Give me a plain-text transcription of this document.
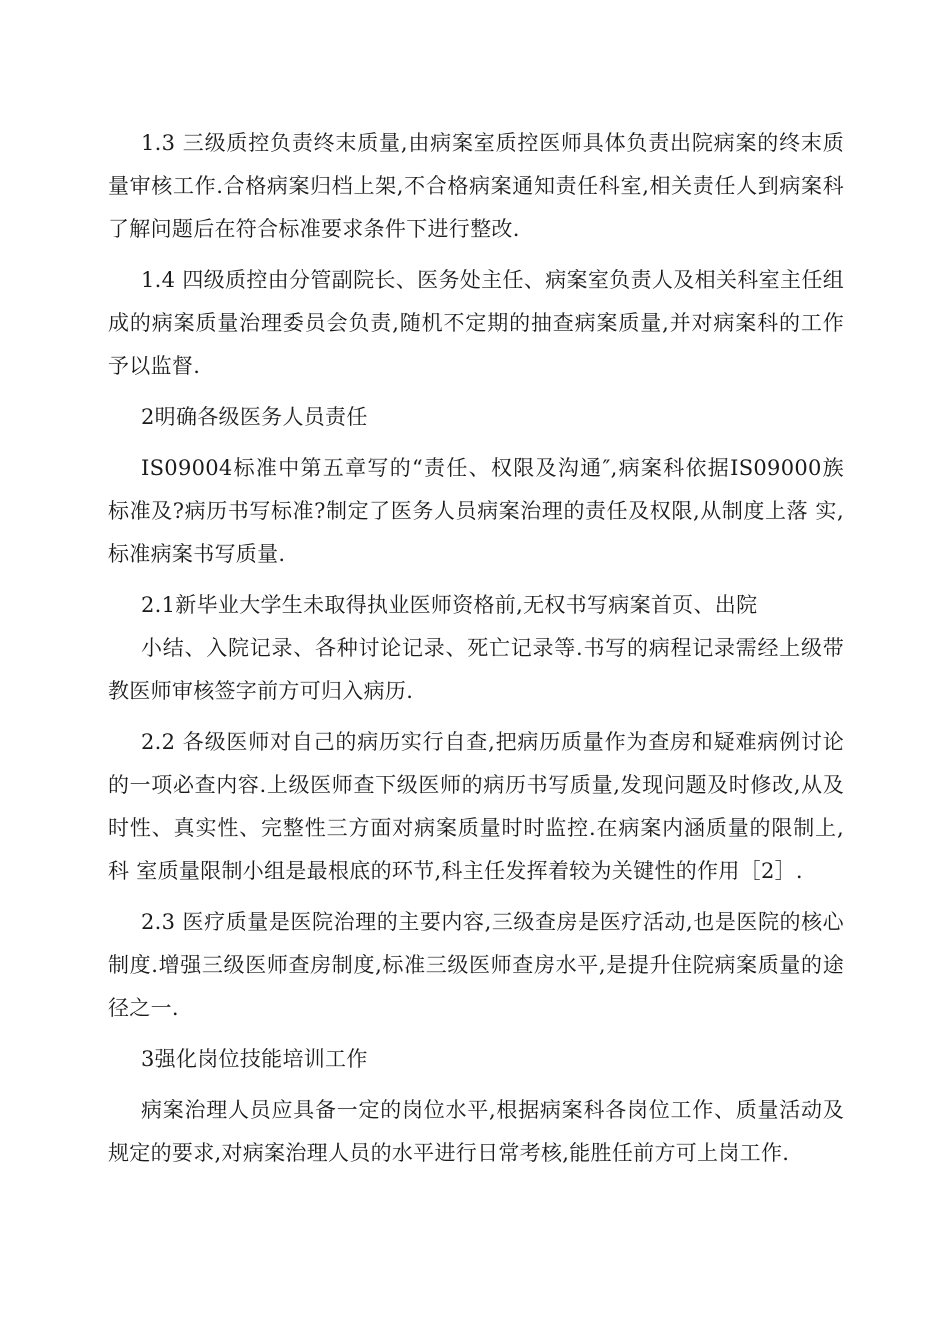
1.3 三级质控负责终末质量,由病案室质控医师具体负责出院病案的终末质量审核工作.合格病案归档上架,不合格病案通知责任科室,相关责任人到病案科 了解问题后在符合标准要求条件下进行整改.

1.4 四级质控由分管副院长、医务处主任、病案室负责人及相关科室主任组成的病案质量治理委员会负责,随机不定期的抽查病案质量,并对病案科的工作予以监督.

2明确各级医务人员责任

IS09004标准中第五章写的“责任、权限及沟通″,病案科依据IS09000族 标准及?病历书写标准?制定了医务人员病案治理的责任及权限,从制度上落 实,标准病案书写质量.

2.1新毕业大学生未取得执业医师资格前,无权书写病案首页、出院

小结、入院记录、各种讨论记录、死亡记录等.书写的病程记录需经上级带教医师审核签字前方可归入病历.

2.2 各级医师对自己的病历实行自查,把病历质量作为查房和疑难病例讨论的一项必查内容.上级医师查下级医师的病历书写质量,发现问题及时修改,从及 时性、真实性、完整性三方面对病案质量时时监控.在病案内涵质量的限制上,科 室质量限制小组是最根底的环节,科主任发挥着较为关键性的作用［2］.

2.3 医疗质量是医院治理的主要内容,三级查房是医疗活动,也是医院的核心 制度.增强三级医师查房制度,标准三级医师查房水平,是提升住院病案质量的途 径之一.

3强化岗位技能培训工作

病案治理人员应具备一定的岗位水平,根据病案科各岗位工作、质量活动及规定的要求,对病案治理人员的水平进行日常考核,能胜任前方可上岗工作.
